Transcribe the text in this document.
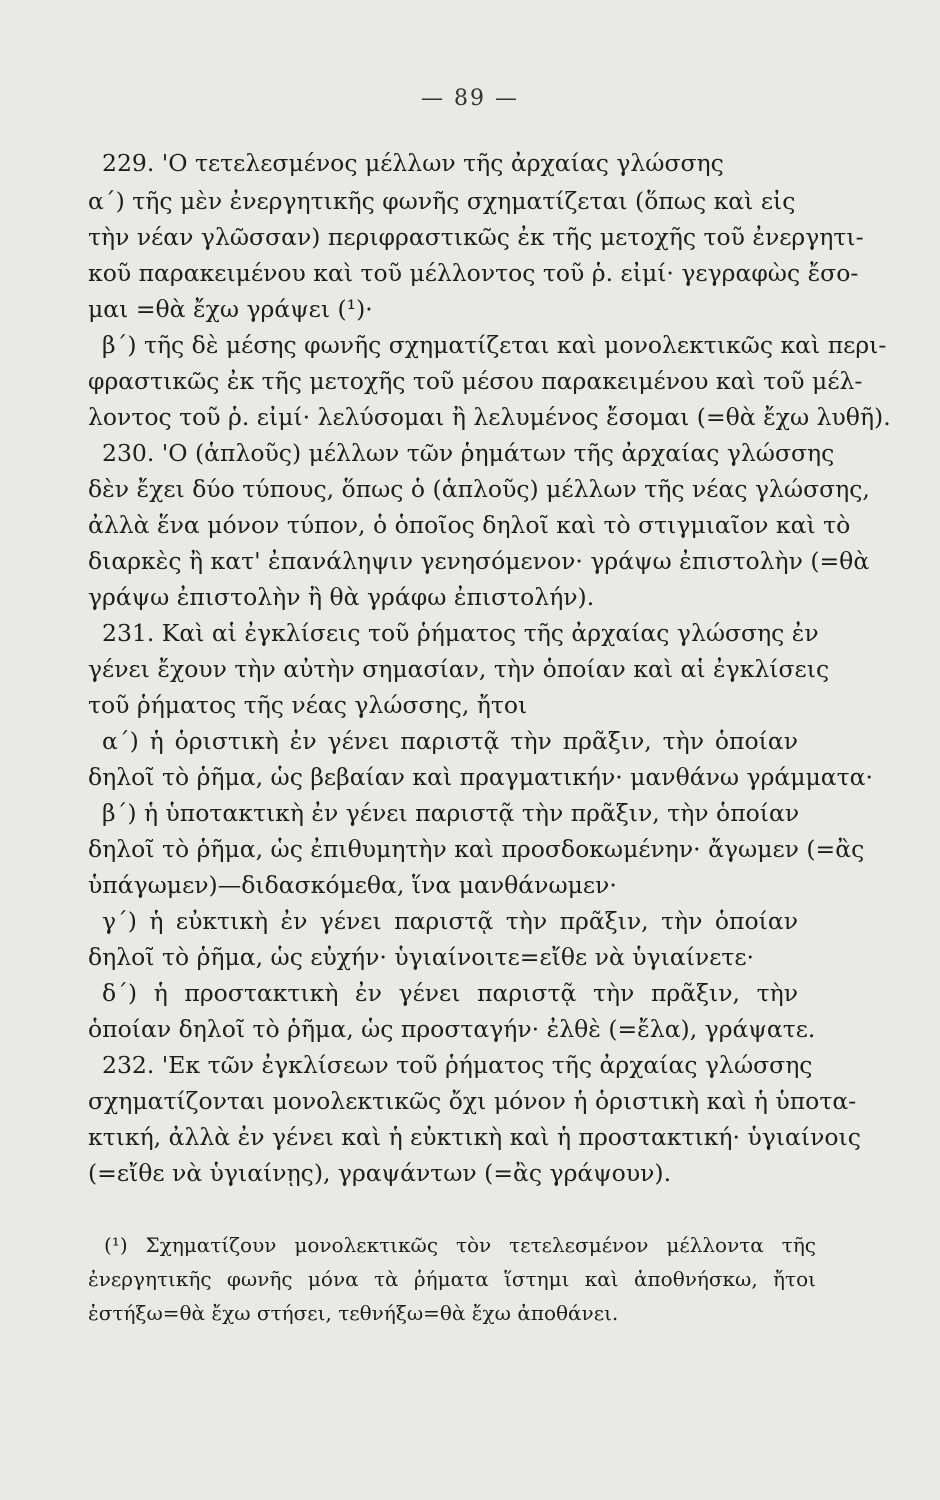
— 89 —
229. 'Ο τετελεσμένος μέλλων τῆς ἀρχαίας γλώσσης
α΄) τῆς μὲν ἐνεργητικῆς φωνῆς σχηματίζεται (ὅπως καὶ εἰς
τὴν νέαν γλῶσσαν) περιφραστικῶς ἐκ τῆς μετοχῆς τοῦ ἐνεργητι-
κοῦ παρακειμένου καὶ τοῦ μέλλοντος τοῦ ῥ. εἰμί· γεγραφὼς ἔσο-
μαι =θὰ ἔχω γράψει (¹)·
β΄) τῆς δὲ μέσης φωνῆς σχηματίζεται καὶ μονολεκτικῶς καὶ περι-
φραστικῶς ἐκ τῆς μετοχῆς τοῦ μέσου παρακειμένου καὶ τοῦ μέλ-
λοντος τοῦ ῥ. εἰμί· λελύσομαι ἢ λελυμένος ἔσομαι (=θὰ ἔχω λυθῆ).
230. 'Ο (ἁπλοῦς) μέλλων τῶν ῥημάτων τῆς ἀρχαίας γλώσσης
δὲν ἔχει δύο τύπους, ὅπως ὁ (ἁπλοῦς) μέλλων τῆς νέας γλώσσης,
ἀλλὰ ἕνα μόνον τύπον, ὁ ὁποῖος δηλοῖ καὶ τὸ στιγμιαῖον καὶ τὸ
διαρκὲς ἢ κατ' ἐπανάληψιν γενησόμενον· γράψω ἐπιστολὴν (=θὰ
γράψω ἐπιστολὴν ἢ θὰ γράφω ἐπιστολήν).
231. Καὶ αἱ ἐγκλίσεις τοῦ ῥήματος τῆς ἀρχαίας γλώσσης ἐν
γένει ἔχουν τὴν αὐτὴν σημασίαν, τὴν ὁποίαν καὶ αἱ ἐγκλίσεις
τοῦ ῥήματος τῆς νέας γλώσσης, ἤτοι
α΄) ἡ ὁριστικὴ ἐν γένει παριστᾷ τὴν πρᾶξιν, τὴν ὁποίαν
δηλοῖ τὸ ῥῆμα, ὡς βεβαίαν καὶ πραγματικήν· μανθάνω γράμματα·
β΄) ἡ ὑποτακτικὴ ἐν γένει παριστᾷ τὴν πρᾶξιν, τὴν ὁποίαν
δηλοῖ τὸ ῥῆμα, ὡς ἐπιθυμητὴν καὶ προσδοκωμένην· ἄγωμεν (=ἂς
ὑπάγωμεν)—διδασκόμεθα, ἵνα μανθάνωμεν·
γ΄) ἡ εὐκτικὴ ἐν γένει παριστᾷ τὴν πρᾶξιν, τὴν ὁποίαν
δηλοῖ τὸ ῥῆμα, ὡς εὐχήν· ὑγιαίνοιτε=εἴθε νὰ ὑγιαίνετε·
δ΄) ἡ προστακτικὴ ἐν γένει παριστᾷ τὴν πρᾶξιν, τὴν
ὁποίαν δηλοῖ τὸ ῥῆμα, ὡς προσταγήν· ἐλθὲ (=ἔλα), γράψατε.
232. 'Εκ τῶν ἐγκλίσεων τοῦ ῥήματος τῆς ἀρχαίας γλώσσης
σχηματίζονται μονολεκτικῶς ὄχι μόνον ἡ ὁριστικὴ καὶ ἡ ὑποτα-
κτική, ἀλλὰ ἐν γένει καὶ ἡ εὐκτικὴ καὶ ἡ προστακτική· ὑγιαίνοις
(=εἴθε νὰ ὑγιαίνῃς), γραψάντων (=ἂς γράψουν).
(¹) Σχηματίζουν μονολεκτικῶς τὸν τετελεσμένον μέλλοντα τῆς
ἐνεργητικῆς φωνῆς μόνα τὰ ῥήματα ἵστημι καὶ ἀποθνήσκω, ἤτοι
ἑστήξω=θὰ ἔχω στήσει, τεθνήξω=θὰ ἔχω ἀποθάνει.
